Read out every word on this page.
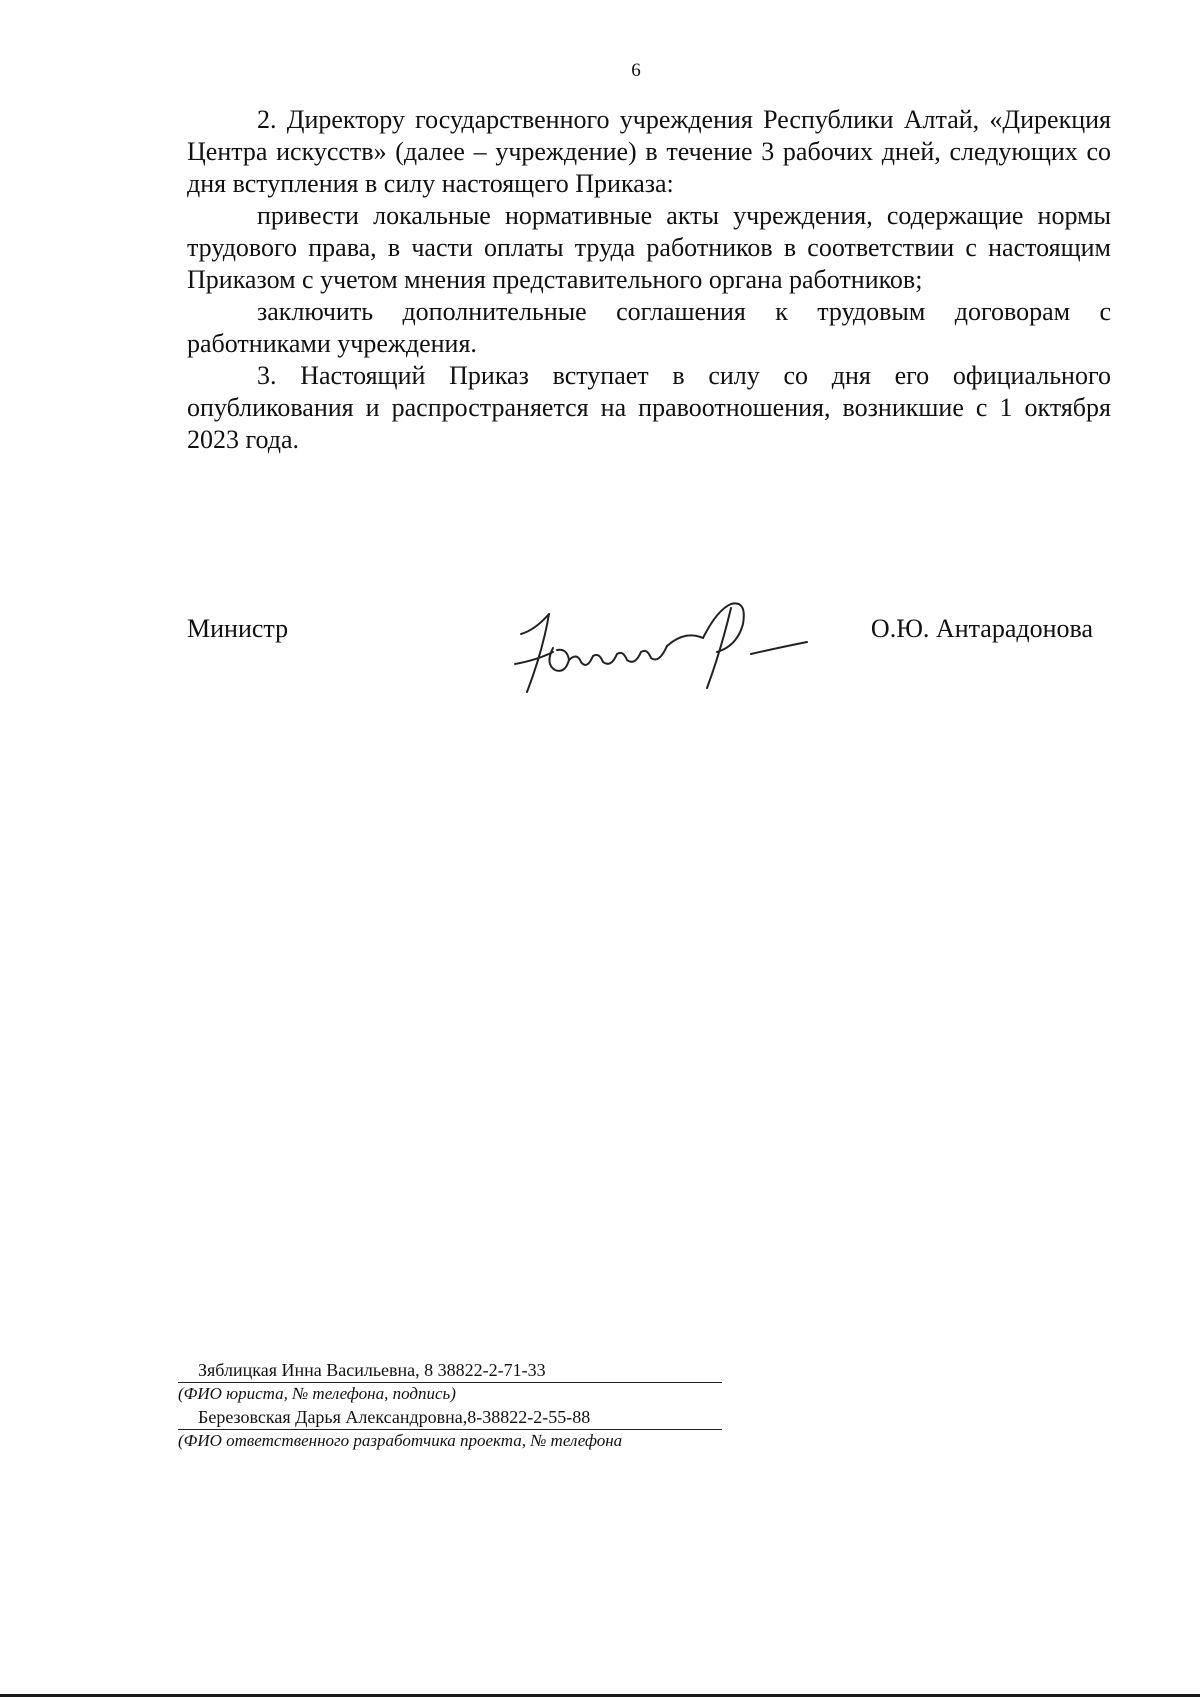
6

2. Директору государственного учреждения Республики Алтай, «Дирекция Центра искусств» (далее – учреждение) в течение 3 рабочих дней, следующих со дня вступления в силу настоящего Приказа:

привести локальные нормативные акты учреждения, содержащие нормы трудового права, в части оплаты труда работников в соответствии с настоящим Приказом с учетом мнения представительного органа работников;

заключить дополнительные соглашения к трудовым договорам с работниками учреждения.

3. Настоящий Приказ вступает в силу со дня его официального опубликования и распространяется на правоотношения, возникшие с 1 октября 2023 года.

Министр	О.Ю. Антарадонова
Зяблицкая Инна Васильевна, 8 38822-2-71-33
(ФИО юриста, № телефона, подпись)
Березовская Дарья Александровна,8-38822-2-55-88
(ФИО ответственного разработчика проекта, № телефона
